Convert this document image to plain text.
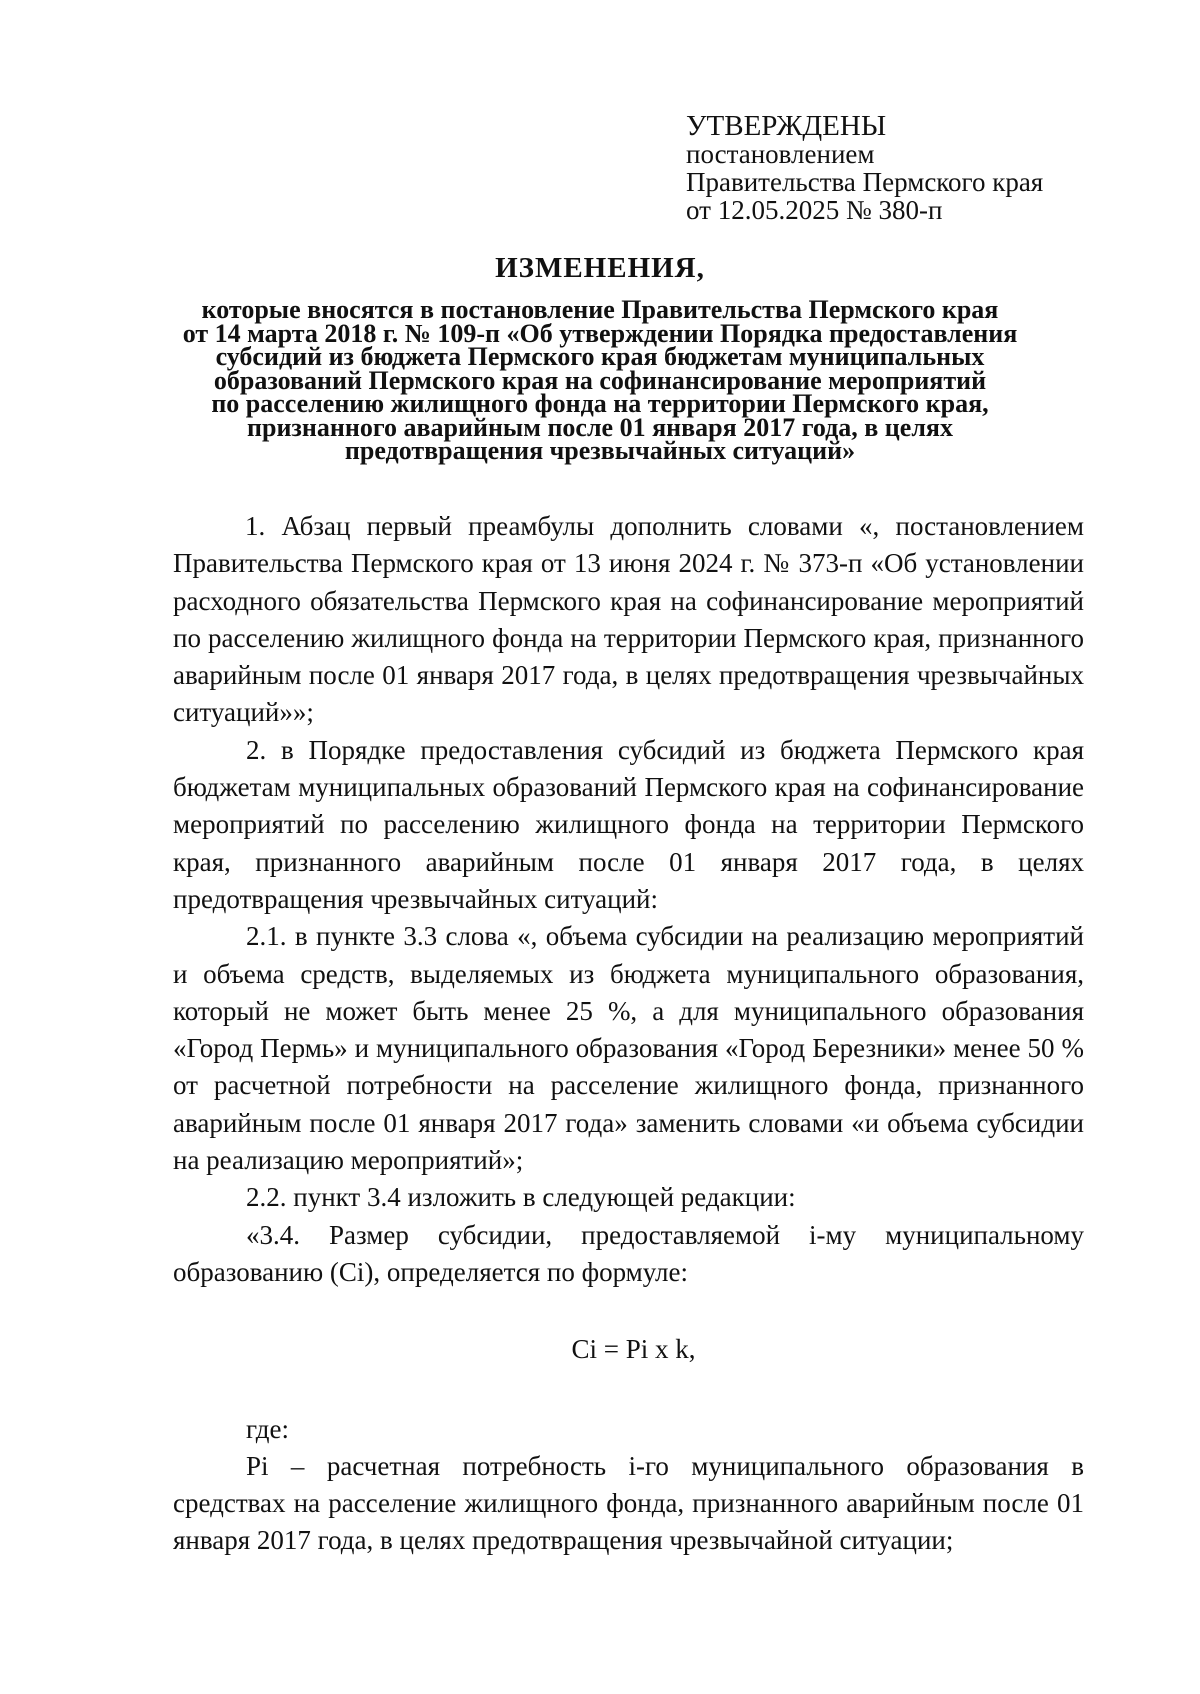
УТВЕРЖДЕНЫ
постановлением
Правительства Пермского края
от 12.05.2025 № 380-п
ИЗМЕНЕНИЯ,
которые вносятся в постановление Правительства Пермского края
от 14 марта 2018 г. № 109-п «Об утверждении Порядка предоставления
субсидий из бюджета Пермского края бюджетам муниципальных
образований Пермского края на софинансирование мероприятий
по расселению жилищного фонда на территории Пермского края,
признанного аварийным после 01 января 2017 года, в целях
предотвращения чрезвычайных ситуаций»

1. Абзац первый преамбулы дополнить словами «, постановлением Правительства Пермского края от 13 июня 2024 г. № 373-п «Об установлении расходного обязательства Пермского края на софинансирование мероприятий по расселению жилищного фонда на территории Пермского края, признанного аварийным после 01 января 2017 года, в целях предотвращения чрезвычайных ситуаций»»;

2. в Порядке предоставления субсидий из бюджета Пермского края бюджетам муниципальных образований Пермского края на софинансирование мероприятий по расселению жилищного фонда на территории Пермского края, признанного аварийным после 01 января 2017 года, в целях предотвращения чрезвычайных ситуаций:

2.1. в пункте 3.3 слова «, объема субсидии на реализацию мероприятий и объема средств, выделяемых из бюджета муниципального образования, который не может быть менее 25 %, а для муниципального образования «Город Пермь» и муниципального образования «Город Березники» менее 50 % от расчетной потребности на расселение жилищного фонда, признанного аварийным после 01 января 2017 года» заменить словами «и объема субсидии на реализацию мероприятий»;

2.2. пункт 3.4 изложить в следующей редакции:

«3.4. Размер субсидии, предоставляемой i-му муниципальному образованию (Ci), определяется по формуле:

Ci = Pi x k,

где:

Pi – расчетная потребность i-го муниципального образования в средствах на расселение жилищного фонда, признанного аварийным после 01 января 2017 года, в целях предотвращения чрезвычайной ситуации;
